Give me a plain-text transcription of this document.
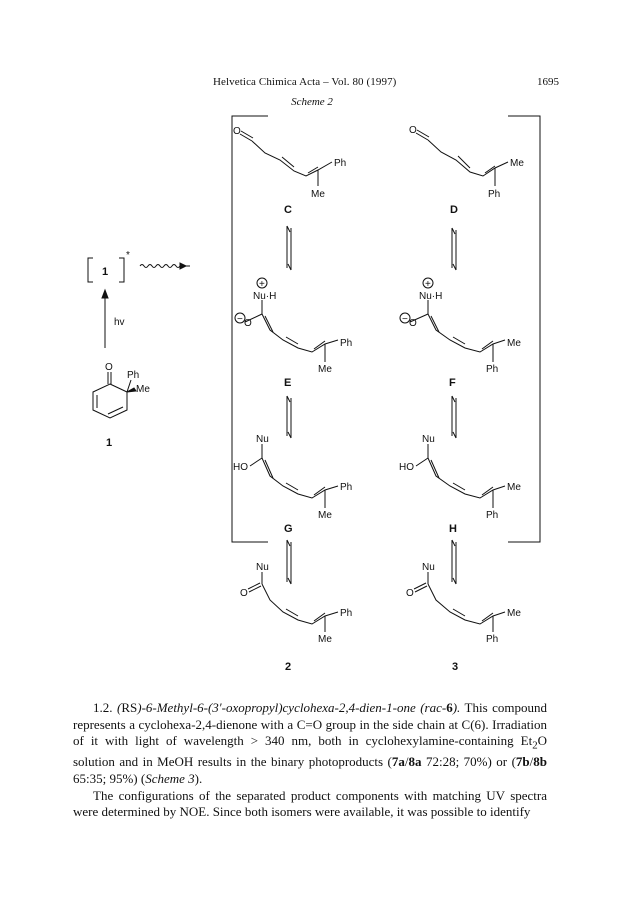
Helvetica Chimica Acta – Vol. 80 (1997)	1695
Scheme 2
O
Ph
Me
C
O
Me
Ph
D
+
Nu·H
− O
Ph
Me
E
+
Nu·H
− O
Me
Ph
F
Nu
HO
Ph
Me
G
Nu
HO
Me
Ph
H
Nu
O
Ph
Me
2
Nu
O
Me
Ph
3
1
*
hv
O
Ph
Me
1

1.2. (RS)-6-Methyl-6-(3′-oxopropyl)cyclohexa-2,4-dien-1-one (rac-6). This compound represents a cyclohexa-2,4-dienone with a C=O group in the side chain at C(6). Irradiation of it with light of wavelength > 340 nm, both in cyclohexylamine-containing $Et_2O$ solution and in MeOH results in the binary photoproducts (7a/8a 72:28; 70%) or (7b/8b 65:35; 95%) (Scheme 3).

The configurations of the separated product components with matching UV spectra were determined by NOE. Since both isomers were available, it was possible to identify
